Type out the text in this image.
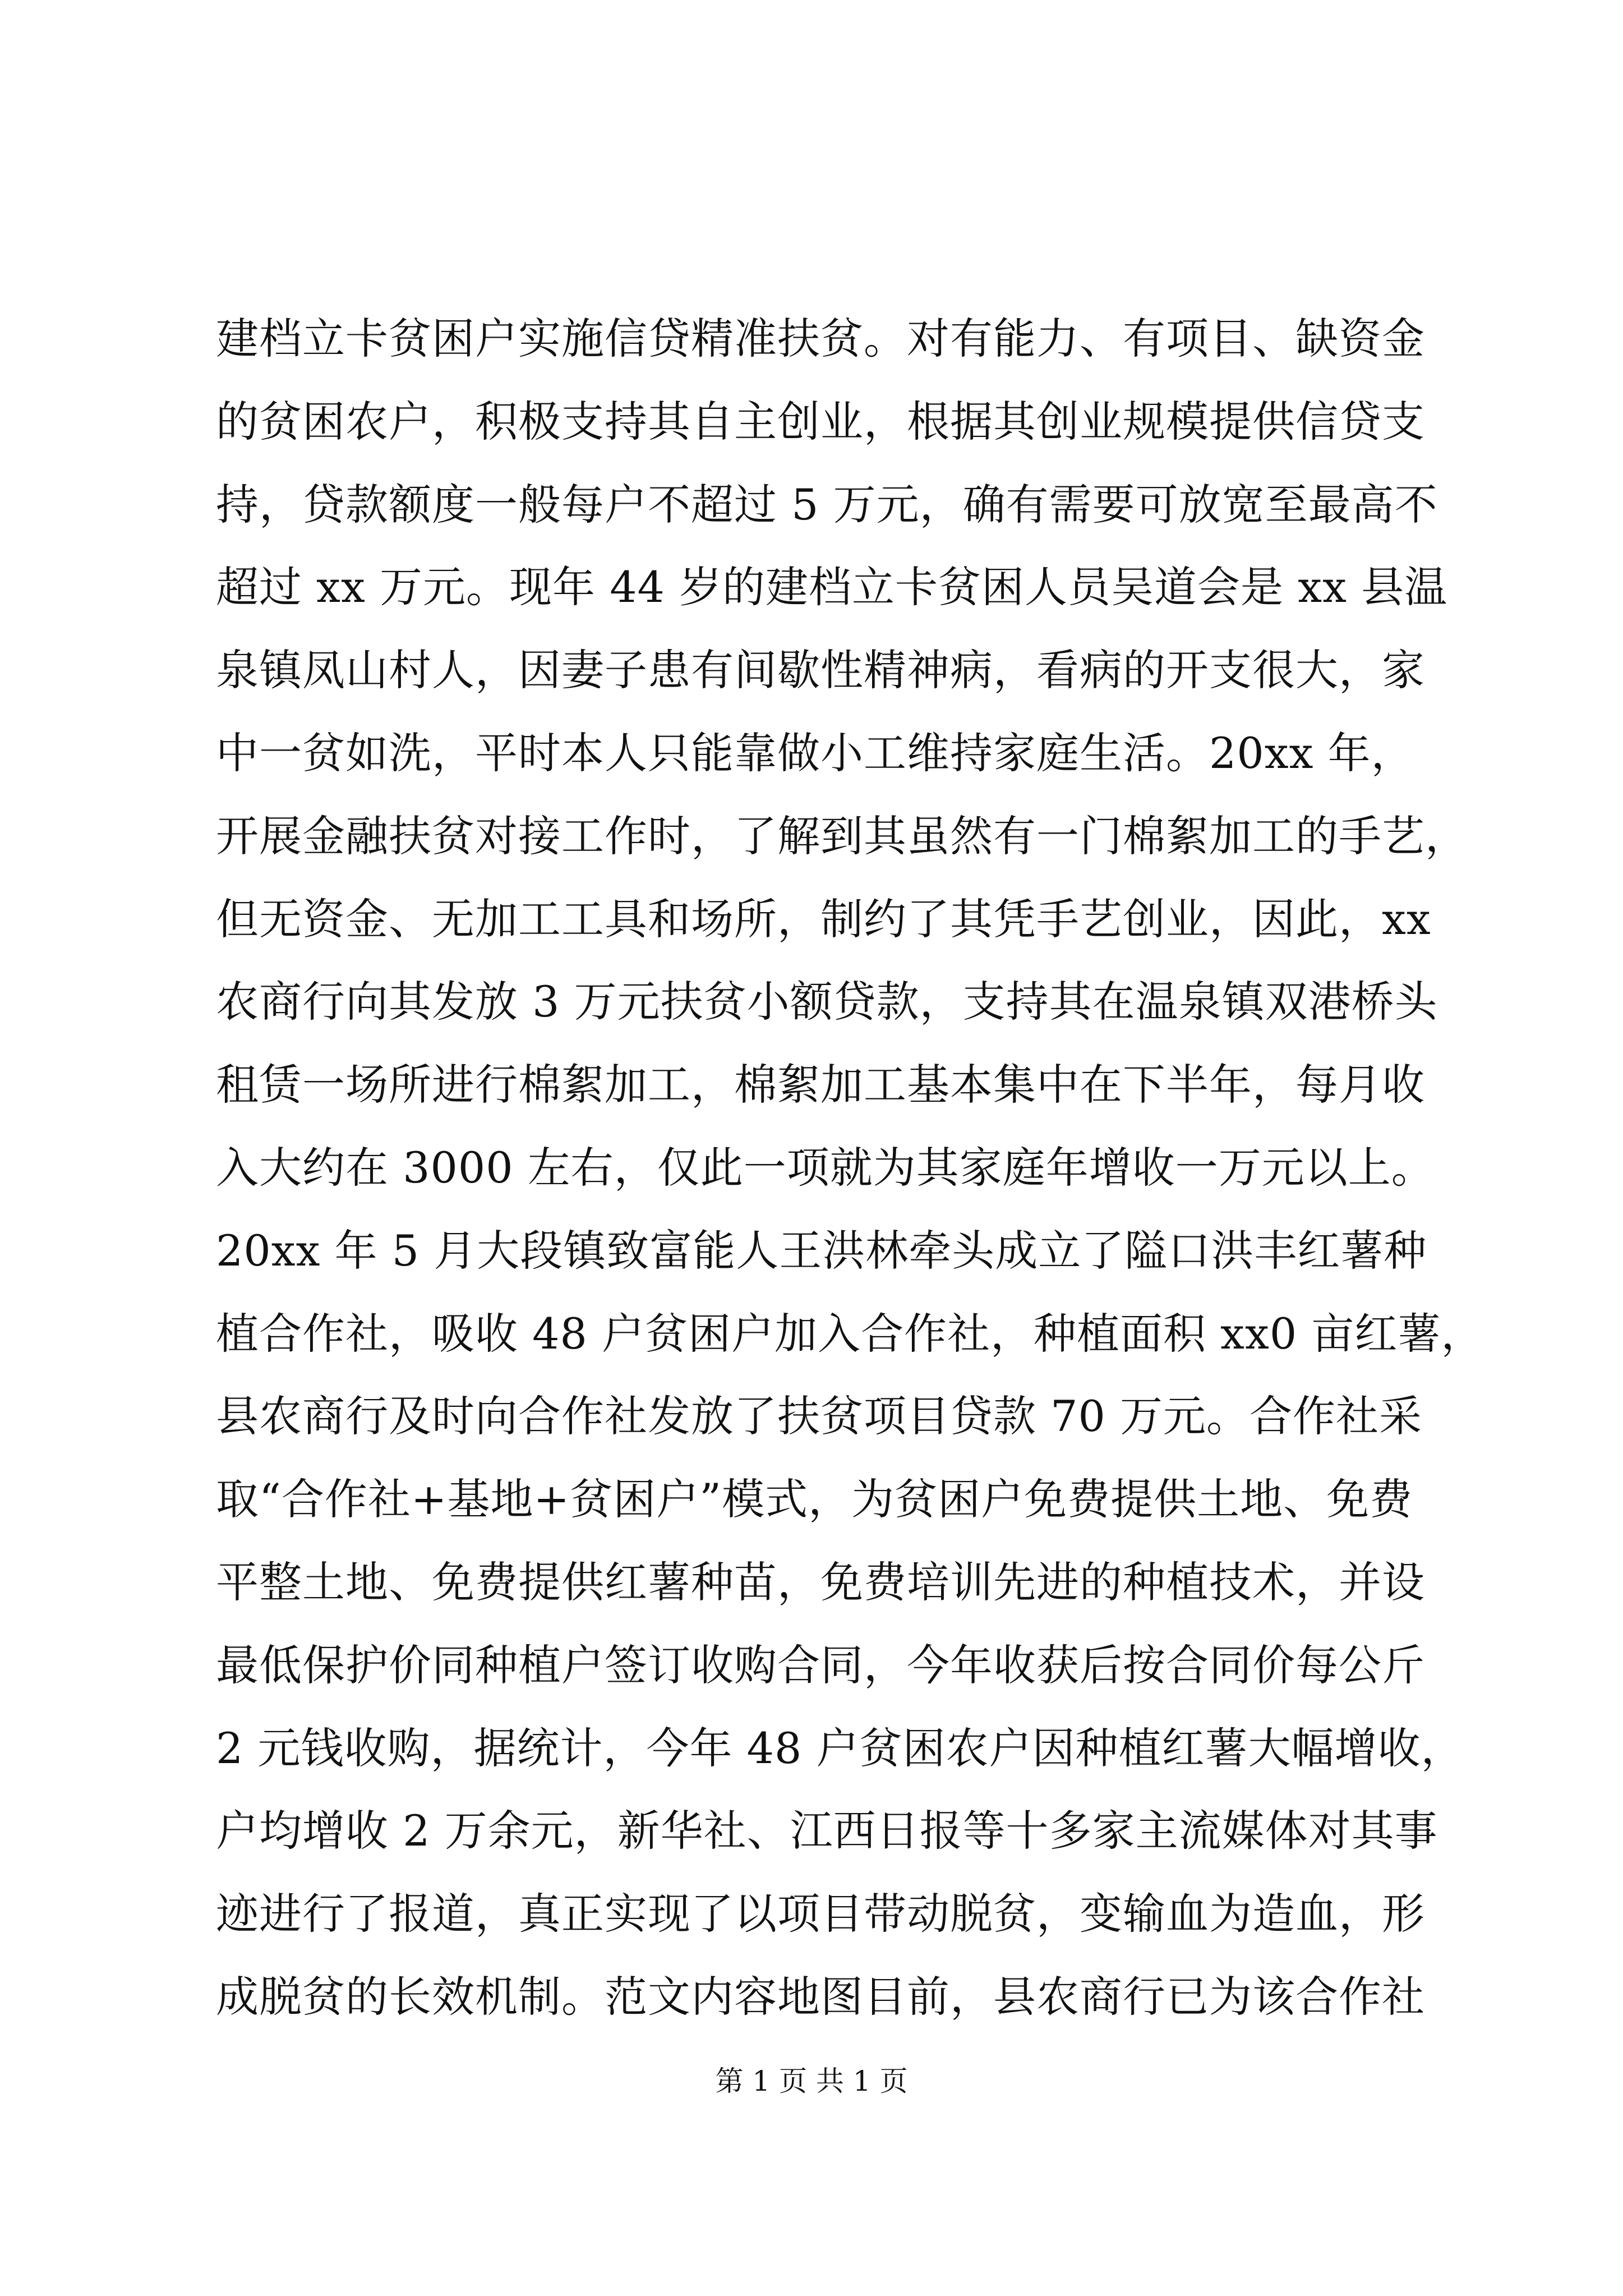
建档立卡贫困户实施信贷精准扶贫。对有能力、有项目、缺资金
的贫困农户，积极支持其自主创业，根据其创业规模提供信贷支
持，贷款额度一般每户不超过 5 万元，确有需要可放宽至最高不
超过 xx 万元。现年 44 岁的建档立卡贫困人员吴道会是 xx 县温
泉镇凤山村人，因妻子患有间歇性精神病，看病的开支很大，家
中一贫如洗，平时本人只能靠做小工维持家庭生活。20xx 年，
开展金融扶贫对接工作时，了解到其虽然有一门棉絮加工的手艺，
但无资金、无加工工具和场所，制约了其凭手艺创业，因此，xx
农商行向其发放 3 万元扶贫小额贷款，支持其在温泉镇双港桥头
租赁一场所进行棉絮加工，棉絮加工基本集中在下半年，每月收
入大约在 3000 左右，仅此一项就为其家庭年增收一万元以上。
20xx 年 5 月大段镇致富能人王洪林牵头成立了隘口洪丰红薯种
植合作社，吸收 48 户贫困户加入合作社，种植面积 xx0 亩红薯，
县农商行及时向合作社发放了扶贫项目贷款 70 万元。合作社采
取“合作社+基地+贫困户”模式，为贫困户免费提供土地、免费
平整土地、免费提供红薯种苗，免费培训先进的种植技术，并设
最低保护价同种植户签订收购合同，今年收获后按合同价每公斤
2 元钱收购，据统计，今年 48 户贫困农户因种植红薯大幅增收，
户均增收 2 万余元，新华社、江西日报等十多家主流媒体对其事
迹进行了报道，真正实现了以项目带动脱贫，变输血为造血，形
成脱贫的长效机制。范文内容地图目前，县农商行已为该合作社
第 1 页 共 1 页
